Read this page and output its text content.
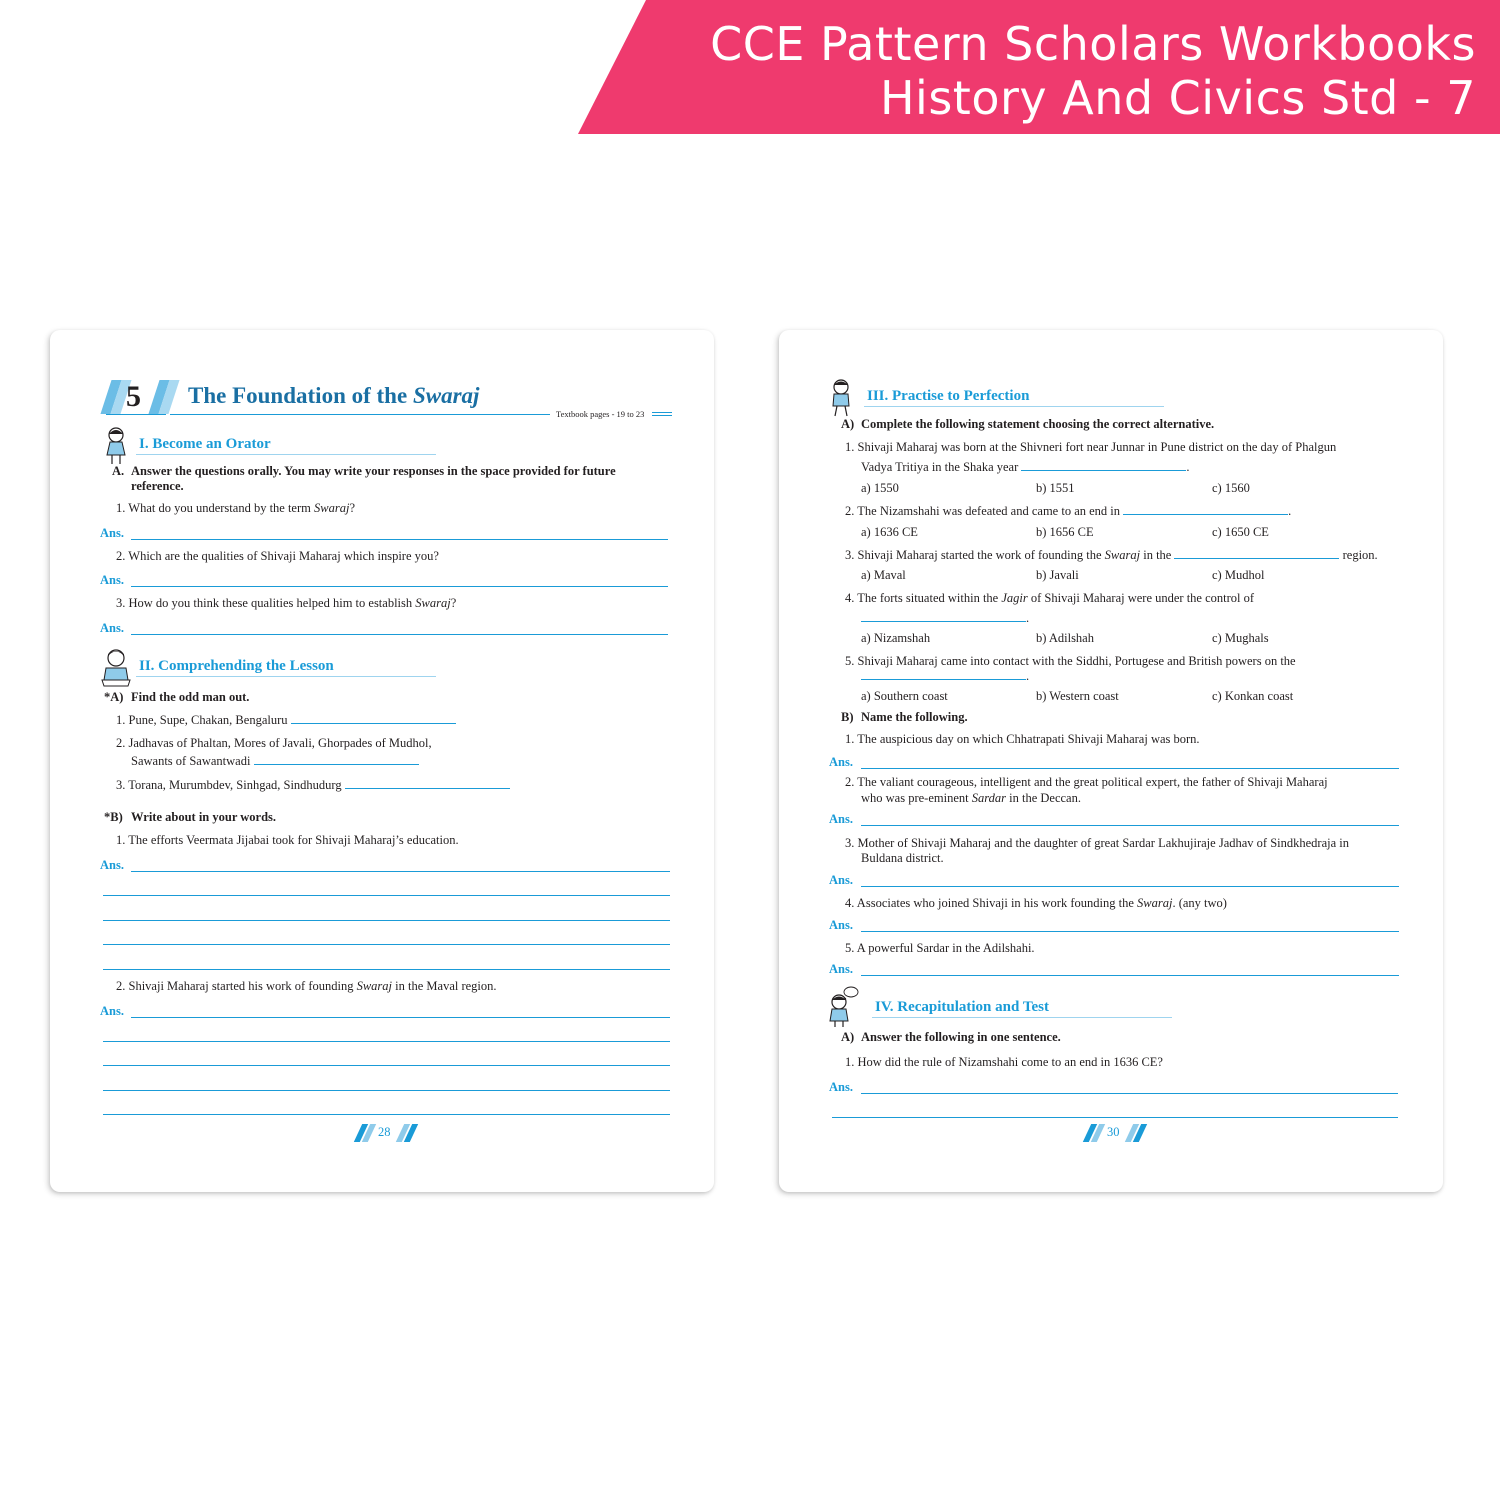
CCE Pattern Scholars Workbooks
History And Civics Std - 7
5 The Foundation of the Swaraj
Textbook pages - 19 to 23
I. Become an Orator
A. Answer the questions orally. You may write your responses in the space provided for future
reference.
1. What do you understand by the term Swaraj?
Ans.
2. Which are the qualities of Shivaji Maharaj which inspire you?
Ans.
3. How do you think these qualities helped him to establish Swaraj?
Ans.
II. Comprehending the Lesson
*A) Find the odd man out.
1. Pune, Supe, Chakan, Bengaluru
2. Jadhavas of Phaltan, Mores of Javali, Ghorpades of Mudhol,
Sawants of Sawantwadi
3. Torana, Murumbdev, Sinhgad, Sindhudurg
*B) Write about in your words.
1. The efforts Veermata Jijabai took for Shivaji Maharaj’s education.
Ans.
2. Shivaji Maharaj started his work of founding Swaraj in the Maval region.
Ans.
28
III. Practise to Perfection
A) Complete the following statement choosing the correct alternative.
1. Shivaji Maharaj was born at the Shivneri fort near Junnar in Pune district on the day of Phalgun
Vadya Tritiya in the Shaka year	.
a) 1550	b) 1551	c) 1560
2. The Nizamshahi was defeated and came to an end in	.
a) 1636 CE	b) 1656 CE	c) 1650 CE
3. Shivaji Maharaj started the work of founding the Swaraj in the	region.
a) Maval	b) Javali	c) Mudhol
4. The forts situated within the Jagir of Shivaji Maharaj were under the control of
.
a) Nizamshah	b) Adilshah	c) Mughals
5. Shivaji Maharaj came into contact with the Siddhi, Portugese and British powers on the
.
a) Southern coast	b) Western coast	c) Konkan coast
B) Name the following.
1. The auspicious day on which Chhatrapati Shivaji Maharaj was born.
Ans.
2. The valiant courageous, intelligent and the great political expert, the father of Shivaji Maharaj
who was pre-eminent Sardar in the Deccan.
Ans.
3. Mother of Shivaji Maharaj and the daughter of great Sardar Lakhujiraje Jadhav of Sindkhedraja in
Buldana district.
Ans.
4. Associates who joined Shivaji in his work founding the Swaraj. (any two)
Ans.
5. A powerful Sardar in the Adilshahi.
Ans.
IV. Recapitulation and Test
A) Answer the following in one sentence.
1. How did the rule of Nizamshahi come to an end in 1636 CE?
Ans.
30
